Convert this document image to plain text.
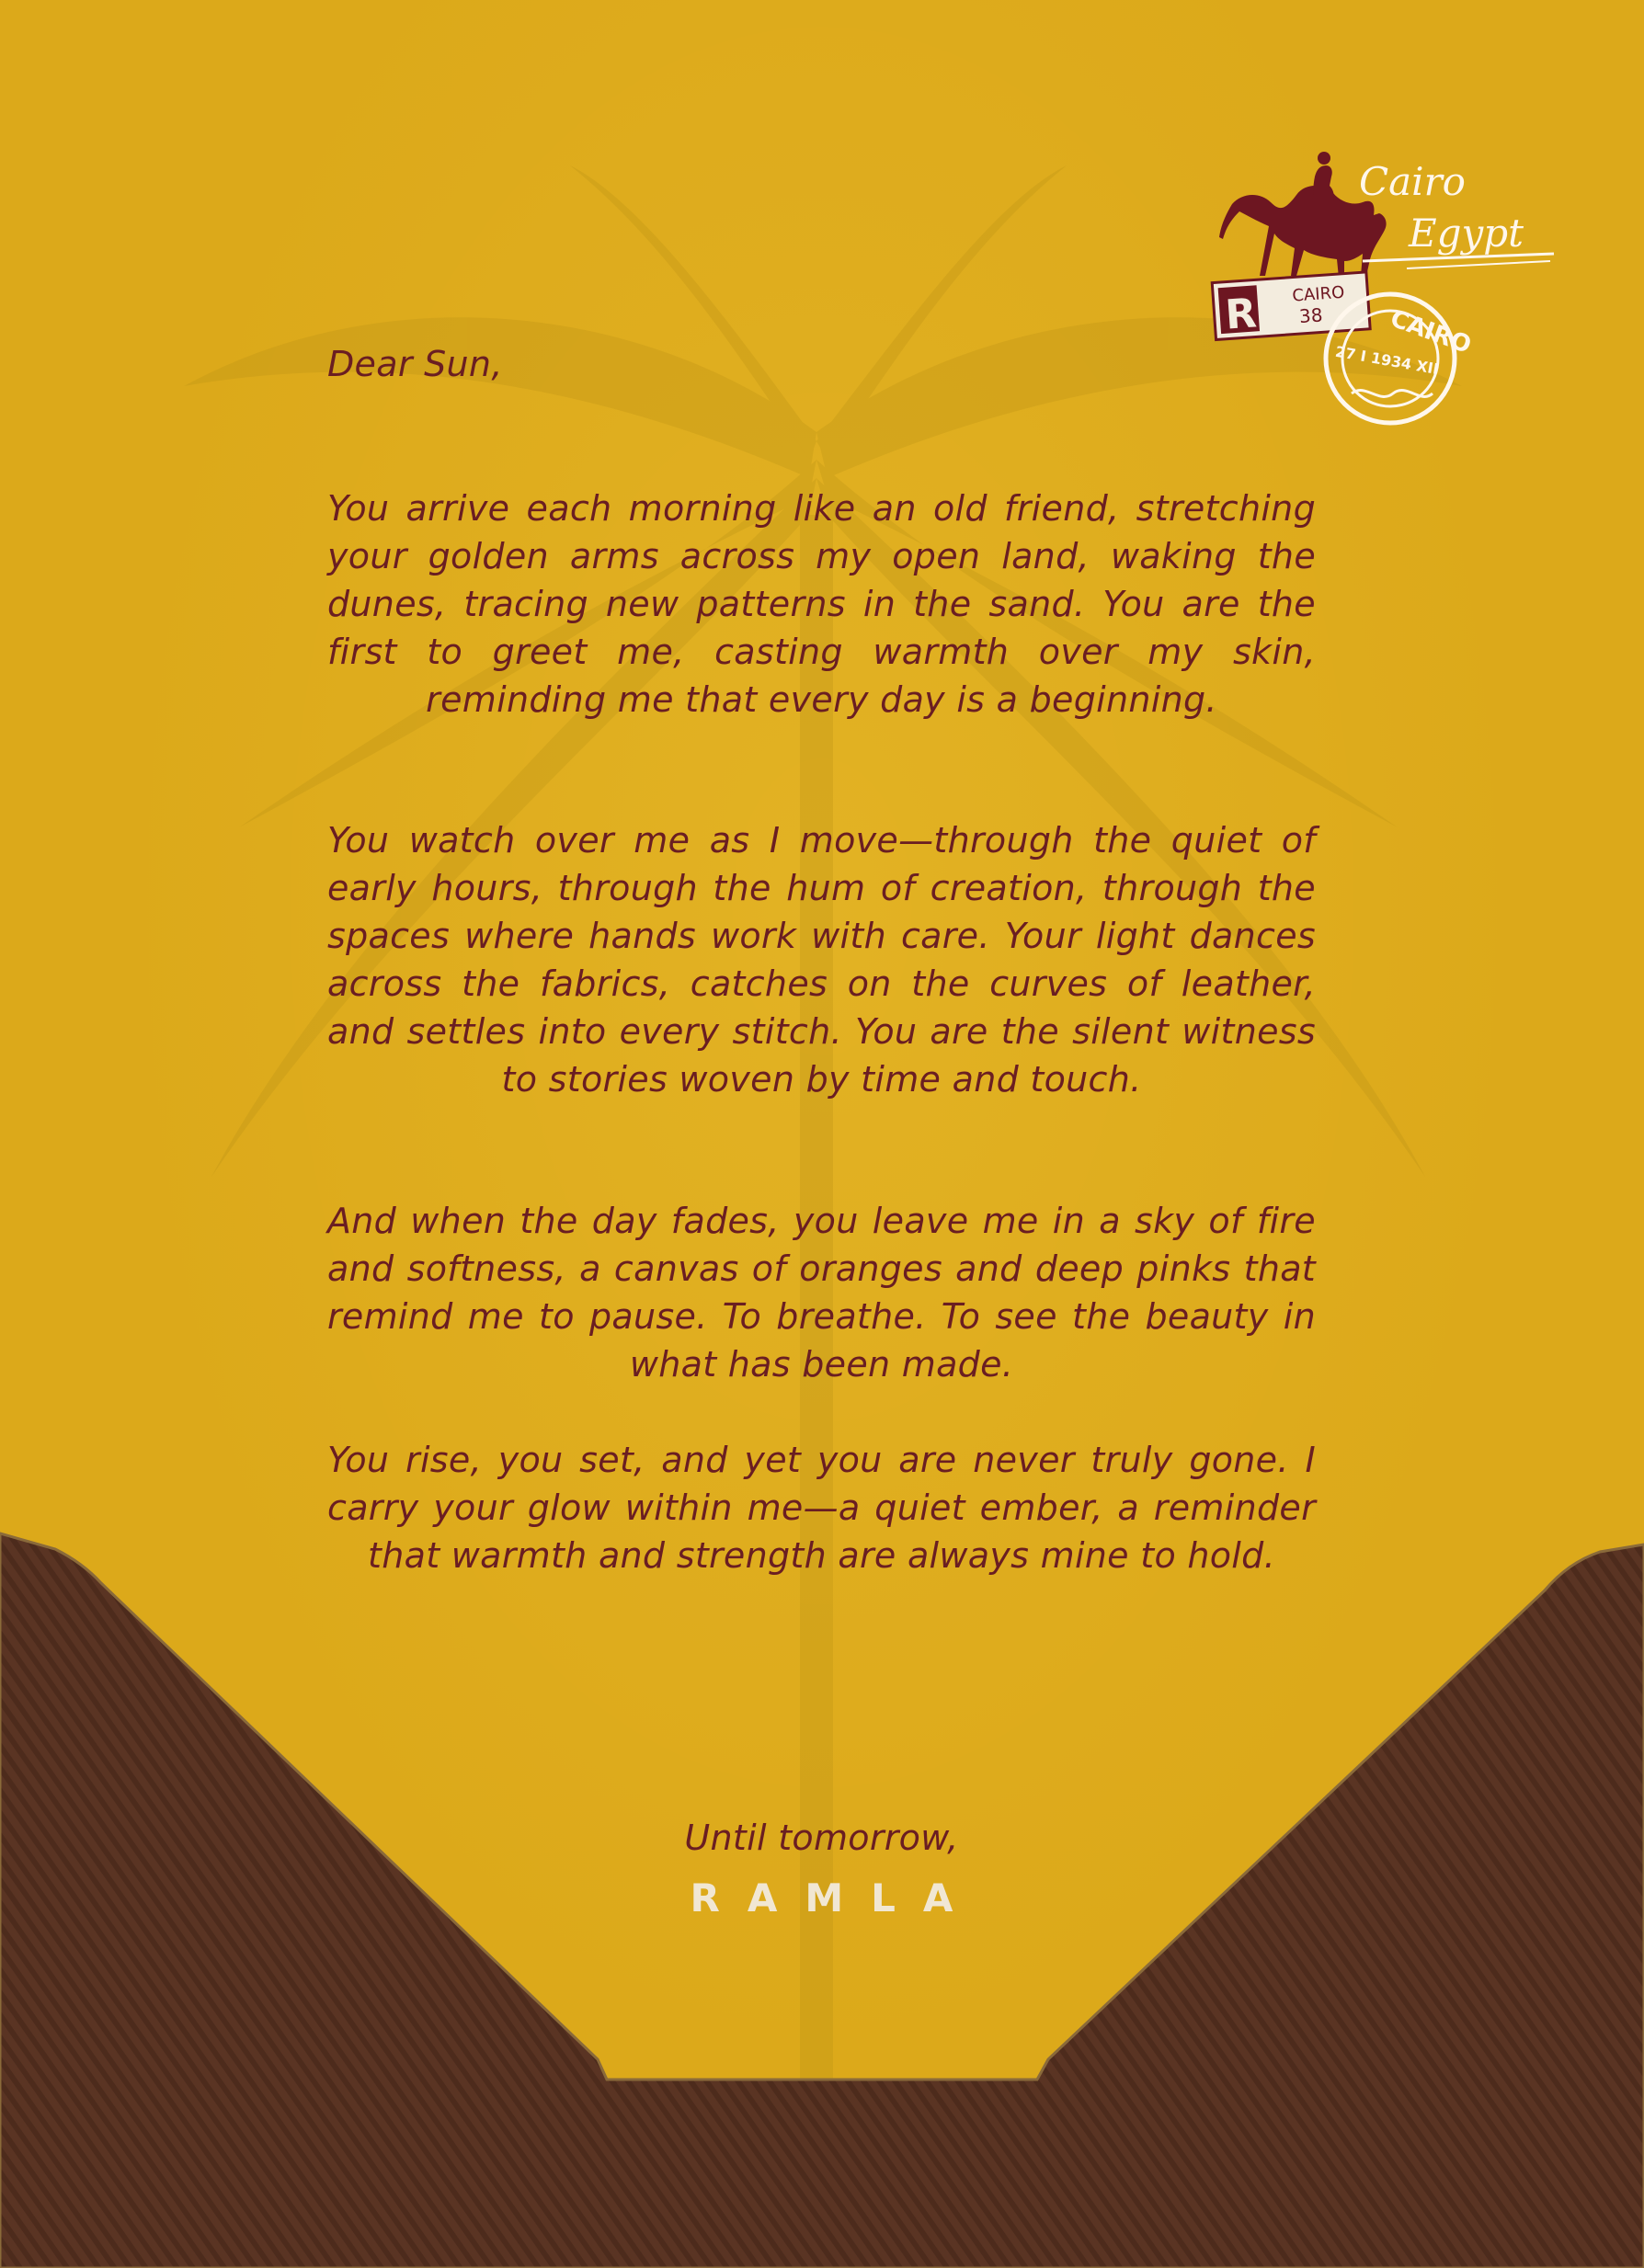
Dear Sun,
You arrive each morning like an old friend, stretching your golden arms across my open land, waking the dunes, tracing new patterns in the sand. You are the first to greet me, casting warmth over my skin, reminding me that every day is a beginning.
You watch over me as I move—through the quiet of early hours, through the hum of creation, through the spaces where hands work with care. Your light dances across the fabrics, catches on the curves of leather, and settles into every stitch. You are the silent witness to stories woven by time and touch.
And when the day fades, you leave me in a sky of fire and softness, a canvas of oranges and deep pinks that remind me to pause. To breathe. To see the beauty in what has been made.
You rise, you set, and yet you are never truly gone. I carry your glow within me—a quiet ember, a reminder that warmth and strength are always mine to hold.
Until tomorrow,
RAMLA
Cairo
Egypt
R CAIRO
38	CAIRO
27 I 1934 XII
